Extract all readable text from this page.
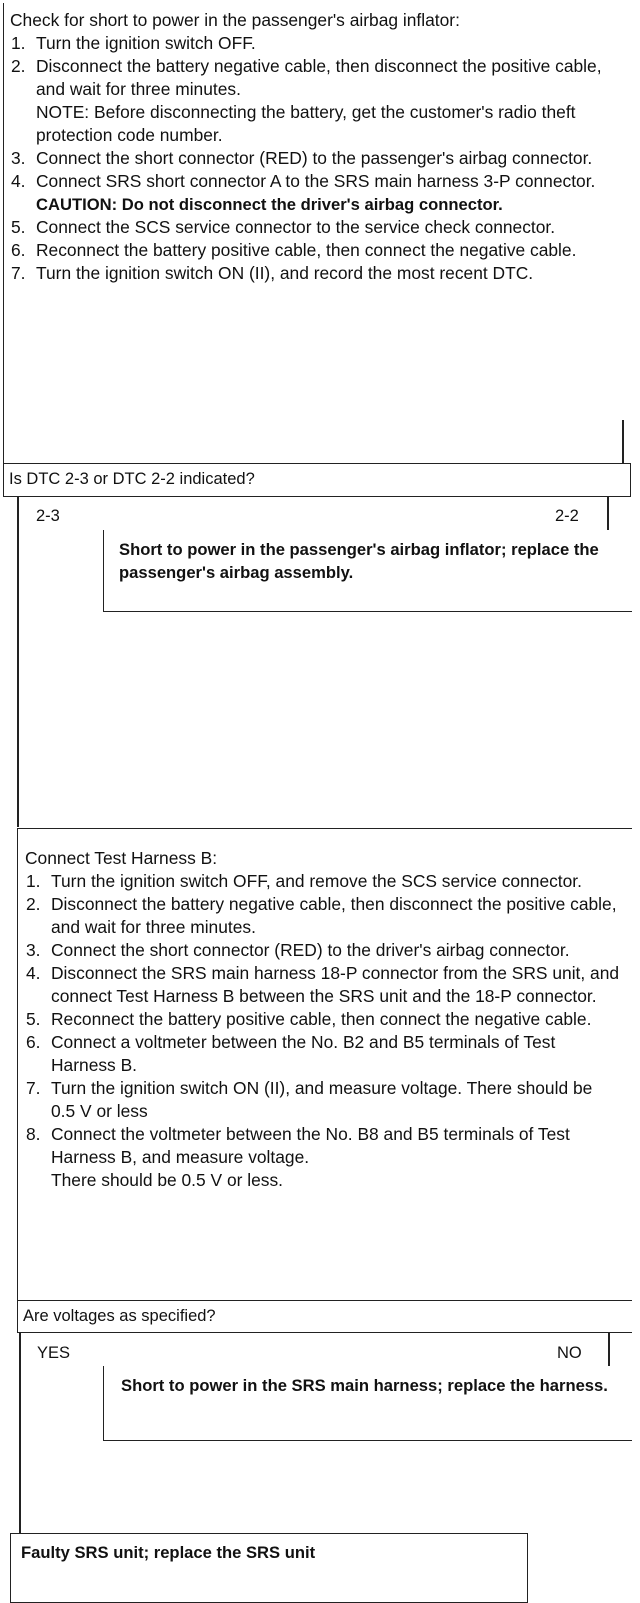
Check for short to power in the passenger's airbag inflator:
1. Turn the ignition switch OFF.
2. Disconnect the battery negative cable, then disconnect the positive cable, and wait for three minutes.
NOTE: Before disconnecting the battery, get the customer's radio theft protection code number.
3. Connect the short connector (RED) to the passenger's airbag connector.
4. Connect SRS short connector A to the SRS main harness 3-P connector.
CAUTION: Do not disconnect the driver's airbag connector.
5. Connect the SCS service connector to the service check connector.
6. Reconnect the battery positive cable, then connect the negative cable.
7. Turn the ignition switch ON (II), and record the most recent DTC.
Is DTC 2-3 or DTC 2-2 indicated?
2-3	2-2
Short to power in the passenger's airbag inflator; replace the passenger's airbag assembly.
Connect Test Harness B:
1. Turn the ignition switch OFF, and remove the SCS service connector.
2. Disconnect the battery negative cable, then disconnect the positive cable, and wait for three minutes.
3. Connect the short connector (RED) to the driver's airbag connector.
4. Disconnect the SRS main harness 18-P connector from the SRS unit, and connect Test Harness B between the SRS unit and the 18-P connector.
5. Reconnect the battery positive cable, then connect the negative cable.
6. Connect a voltmeter between the No. B2 and B5 terminals of Test Harness B.
7. Turn the ignition switch ON (II), and measure voltage. There should be 0.5 V or less
8. Connect the voltmeter between the No. B8 and B5 terminals of Test Harness B, and measure voltage.
There should be 0.5 V or less.
Are voltages as specified?
YES	NO
Short to power in the SRS main harness; replace the harness.
Faulty SRS unit; replace the SRS unit
